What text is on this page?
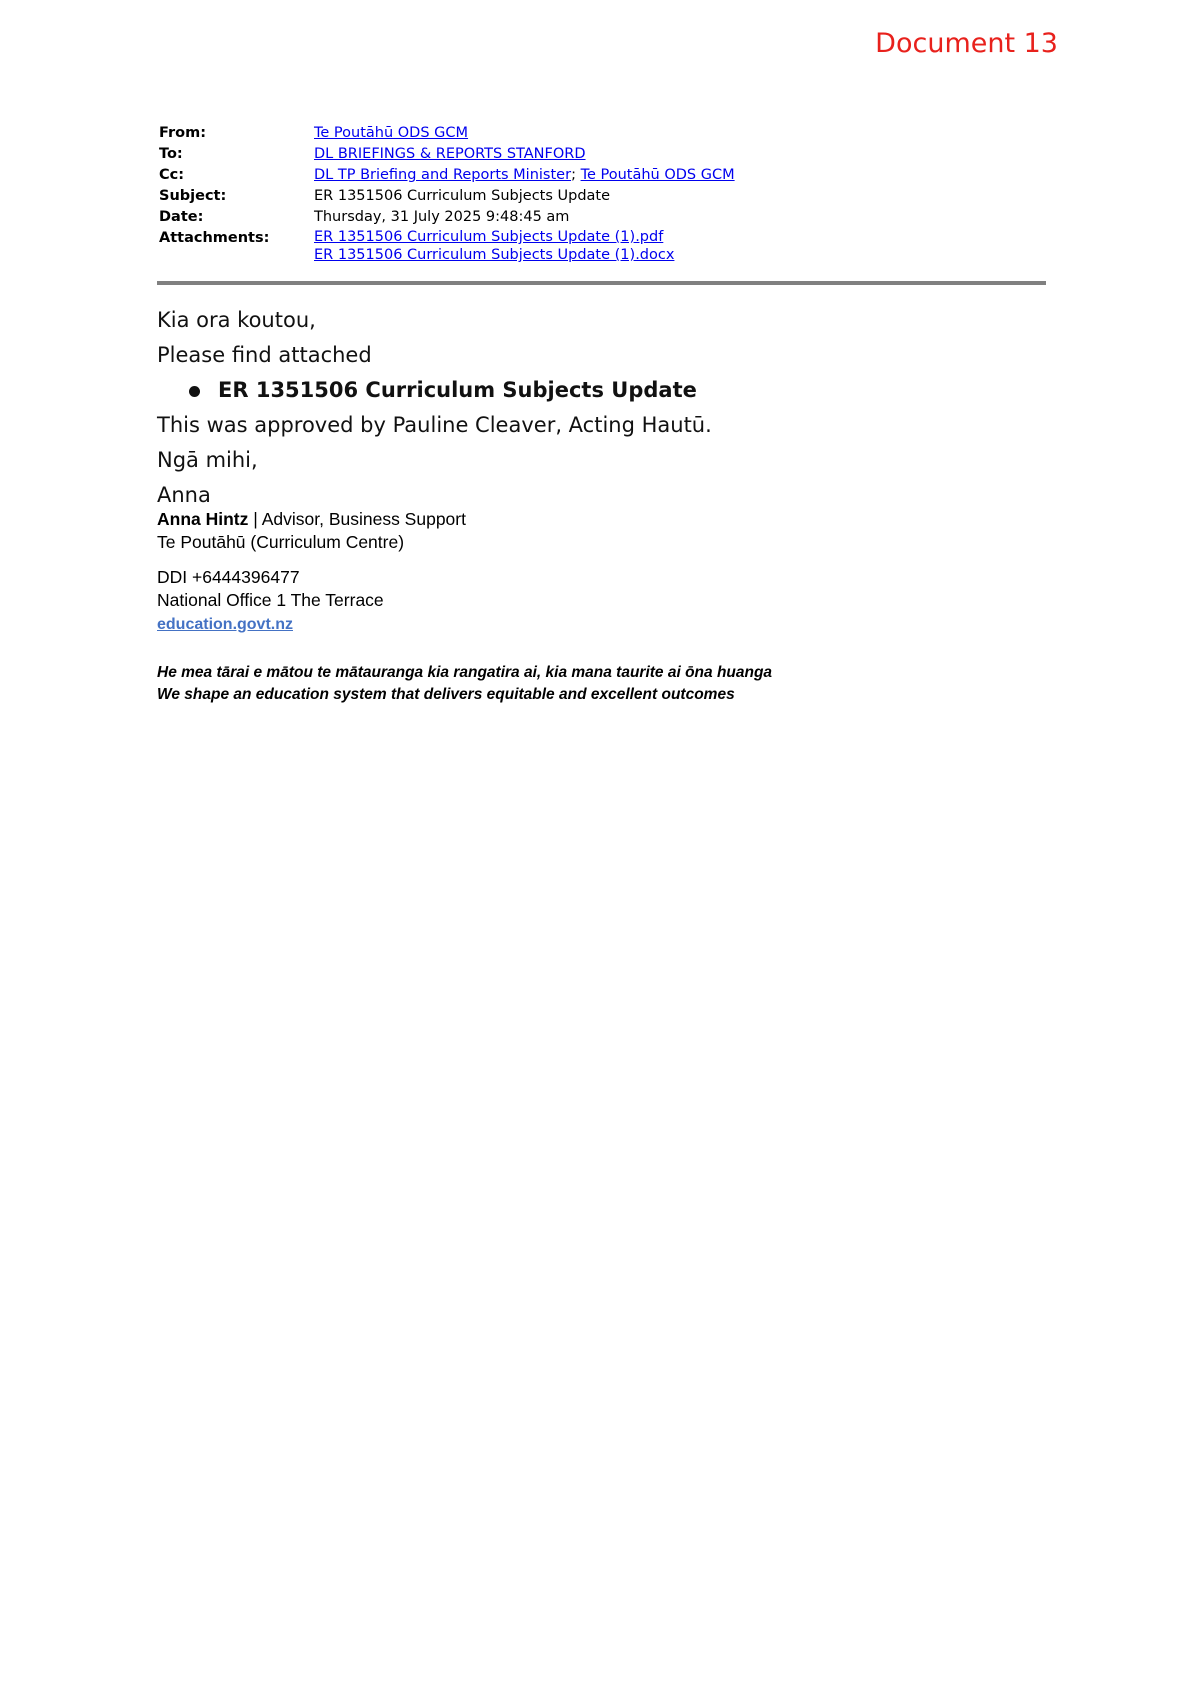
Document 13
From:	Te Poutāhū ODS GCM
To:	DL BRIEFINGS & REPORTS STANFORD
Cc:	DL TP Briefing and Reports Minister; Te Poutāhū ODS GCM
Subject:	ER 1351506 Curriculum Subjects Update
Date:	Thursday, 31 July 2025 9:48:45 am
Attachments:	ER 1351506 Curriculum Subjects Update (1).pdf
ER 1351506 Curriculum Subjects Update (1).docx

Kia ora koutou,

Please find attached

ER 1351506 Curriculum Subjects Update

This was approved by Pauline Cleaver, Acting Hautū.

Ngā mihi,

Anna

Anna Hintz | Advisor, Business Support
Te Poutāhū (Curriculum Centre)
DDI +6444396477
National Office 1 The Terrace
education.govt.nz
He mea tārai e mātou te mātauranga kia rangatira ai, kia mana taurite ai ōna huanga
We shape an education system that delivers equitable and excellent outcomes
